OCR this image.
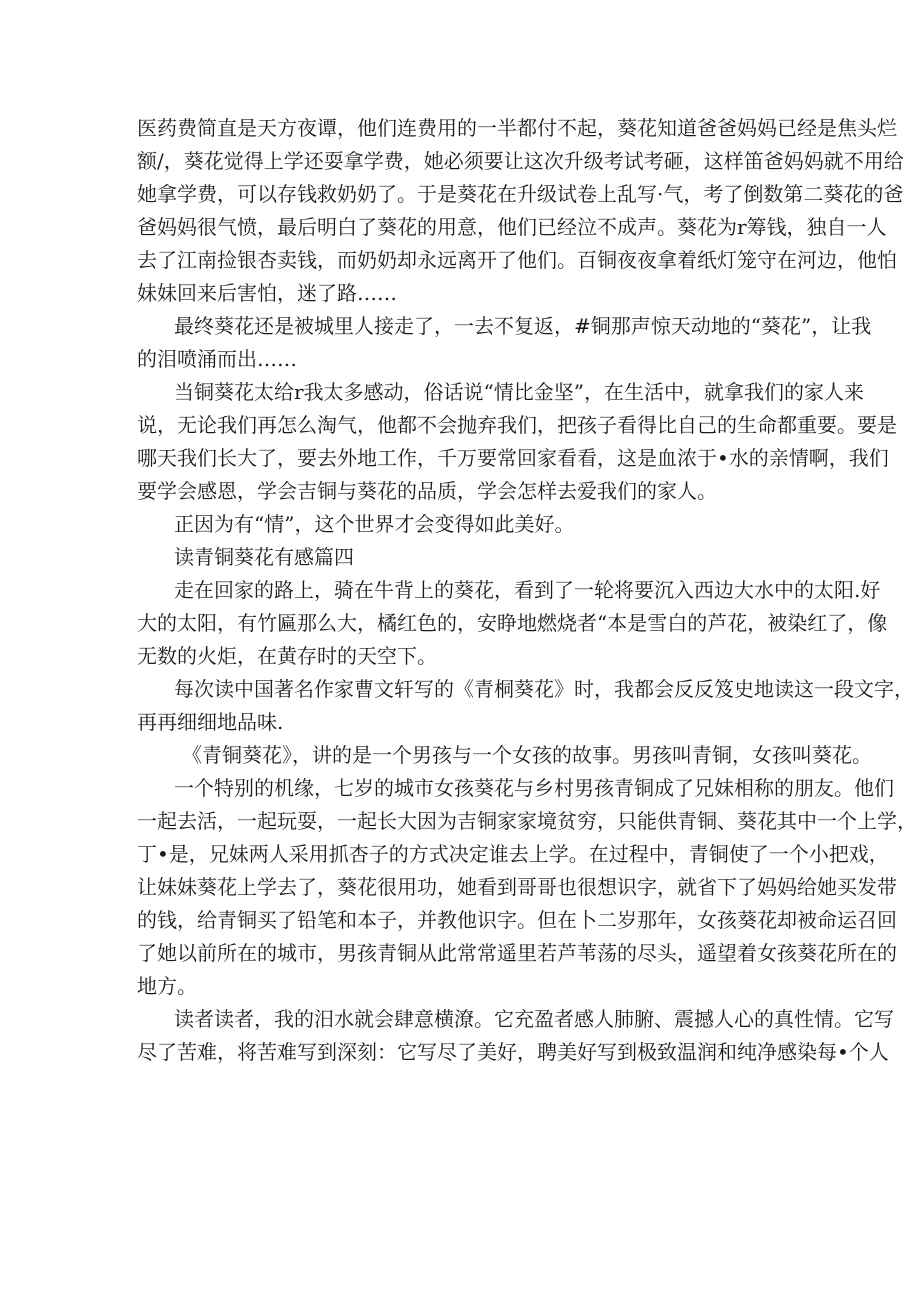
医药费简直是天方夜谭，他们连费用的一半都付不起，葵花知道爸爸妈妈已经是焦头烂
额/，葵花觉得上学还耍拿学费，她必须要让这次升级考试考砸，这样笛爸妈妈就不用给
她拿学费，可以存钱救奶奶了。于是葵花在升级试卷上乱写·气，考了倒数第二葵花的爸
爸妈妈很气愤，最后明白了葵花的用意，他们已经泣不成声。葵花为r筹钱，独自一人
去了江南捡银杏卖钱，而奶奶却永远离开了他们。百铜夜夜拿着纸灯笼守在河边，他怕
妹妹回来后害怕，迷了路……
最终葵花还是被城里人接走了，一去不复返，#铜那声惊天动地的“葵花”，让我
的泪喷涌而出……
当铜葵花太给r我太多感动，俗话说“情比金坚”，在生活中，就拿我们的家人来
说，无论我们再怎么淘气，他都不会抛弃我们，把孩子看得比自己的生命都重要。要是
哪天我们长大了，要去外地工作，千万要常回家看看，这是血浓于•水的亲情啊，我们
要学会感恩，学会吉铜与葵花的品质，学会怎样去爱我们的家人。
正因为有“情”，这个世界才会变得如此美好。
读青铜葵花有感篇四
走在回家的路上，骑在牛背上的葵花，看到了一轮将要沉入西边大水中的太阳.好
大的太阳，有竹匾那么大，橘红色的，安睁地燃烧者“本是雪白的芦花，被染红了，像
无数的火炬，在黄存时的天空下。
每次读中国著名作家曹文轩写的《青桐葵花》时，我都会反反笈史地读这一段文字，
再再细细地品味.
《青铜葵花》，讲的是一个男孩与一个女孩的故事。男孩叫青铜，女孩叫葵花。
一个特别的机缘，七岁的城市女孩葵花与乡村男孩青铜成了兄妹相称的朋友。他们
一起去活，一起玩耍，一起长大因为吉铜家家境贫穷，只能供青铜、葵花其中一个上学，
丁•是，兄妹两人采用抓杏子的方式决定谁去上学。在过程中，青铜使了一个小把戏，
让妹妹葵花上学去了，葵花很用功，她看到哥哥也很想识字，就省下了妈妈给她买发带
的钱，给青铜买了铅笔和本子，并教他识字。但在卜二岁那年，女孩葵花却被命运召回
了她以前所在的城市，男孩青铜从此常常遥里若芦苇荡的尽头，遥望着女孩葵花所在的
地方。
读者读者，我的汨水就会肆意横潦。它充盈者感人肺腑、震撼人心的真性情。它写
尽了苦难，将苦难写到深刻：它写尽了美好，聘美好写到极致温润和纯净感染每•个人
